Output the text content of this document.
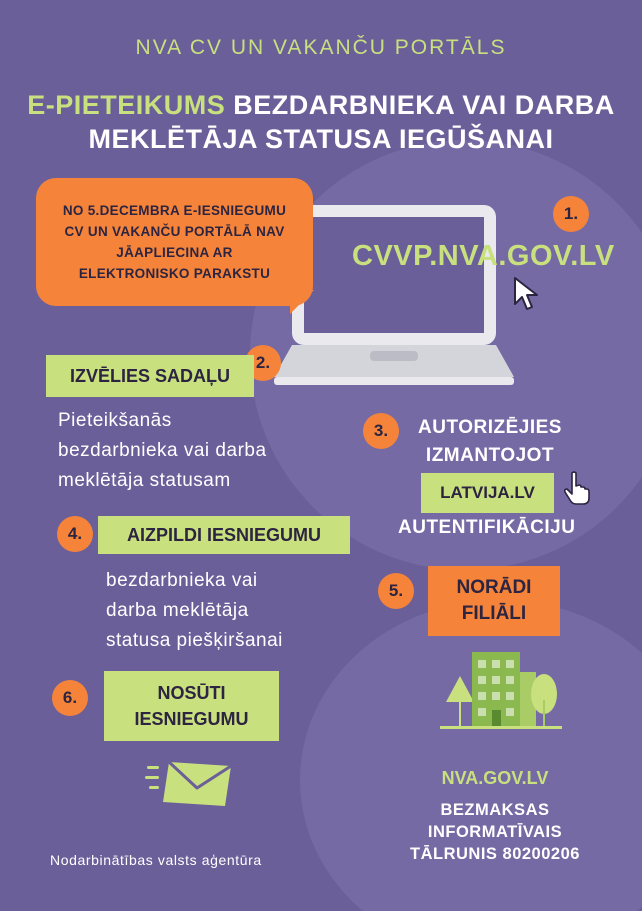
NVA CV UN VAKANČU PORTĀLS
E-PIETEIKUMS BEZDARBNIEKA VAI DARBA
MEKLĒTĀJA STATUSA IEGŪŠANAI
NO 5.DECEMBRA E-IESNIEGUMU CV UN VAKANČU PORTĀLĀ NAV JĀAPLIECINA AR ELEKTRONISKO PARAKSTU
1.
CVVP.NVA.GOV.LV
2.
IZVĒLIES SADAĻU
Pieteikšanās
bezdarbnieka vai darba
meklētāja statusam
3.	AUTORIZĒJIES
IZMANTOJOT
LATVIJA.LV
AUTENTIFIKĀCIJU
4.	AIZPILDI IESNIEGUMU
bezdarbnieka vai
darba meklētāja
statusa piešķiršanai
5.	NORĀDI
FILIĀLI
6.	NOSŪTI
IESNIEGUMU
Nodarbinātības valsts aģentūra
NVA.GOV.LV
BEZMAKSAS
INFORMATĪVAIS
TĀLRUNIS 80200206
